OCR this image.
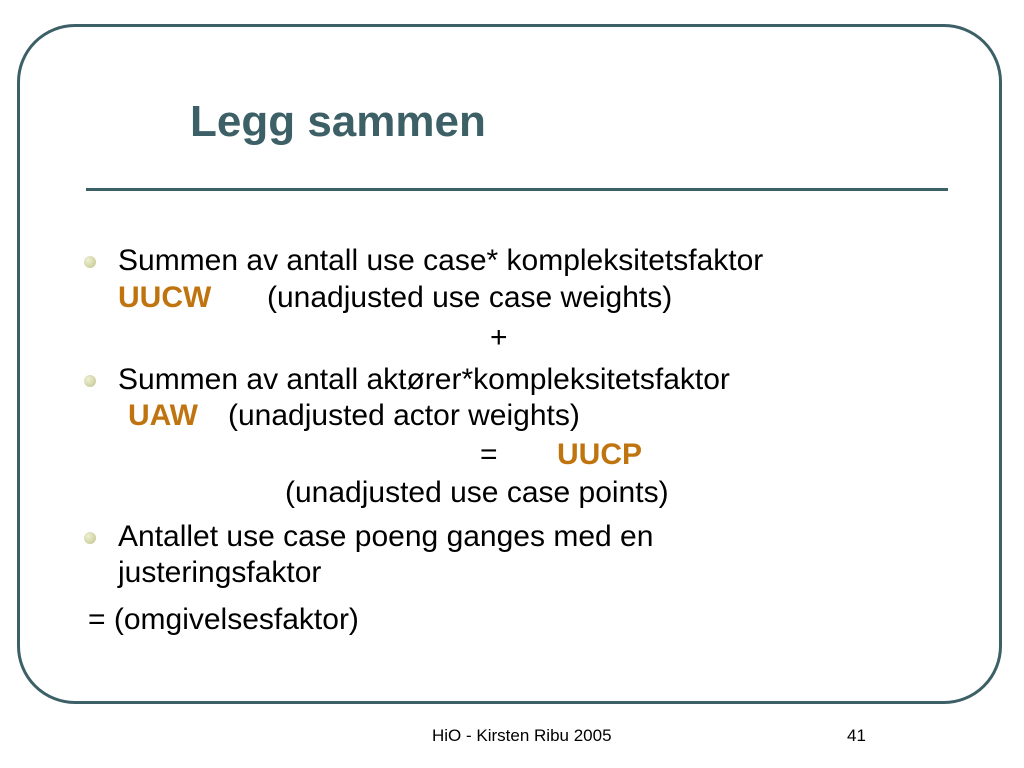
Legg sammen
Summen av antall use case* kompleksitetsfaktor
UUCW (unadjusted use case weights)
+
Summen av antall aktører*kompleksitetsfaktor
UAW (unadjusted actor weights)
= UUCP
(unadjusted use case points)
Antallet use case poeng ganges med en
justeringsfaktor
= (omgivelsesfaktor)
HiO - Kirsten Ribu 2005	41
